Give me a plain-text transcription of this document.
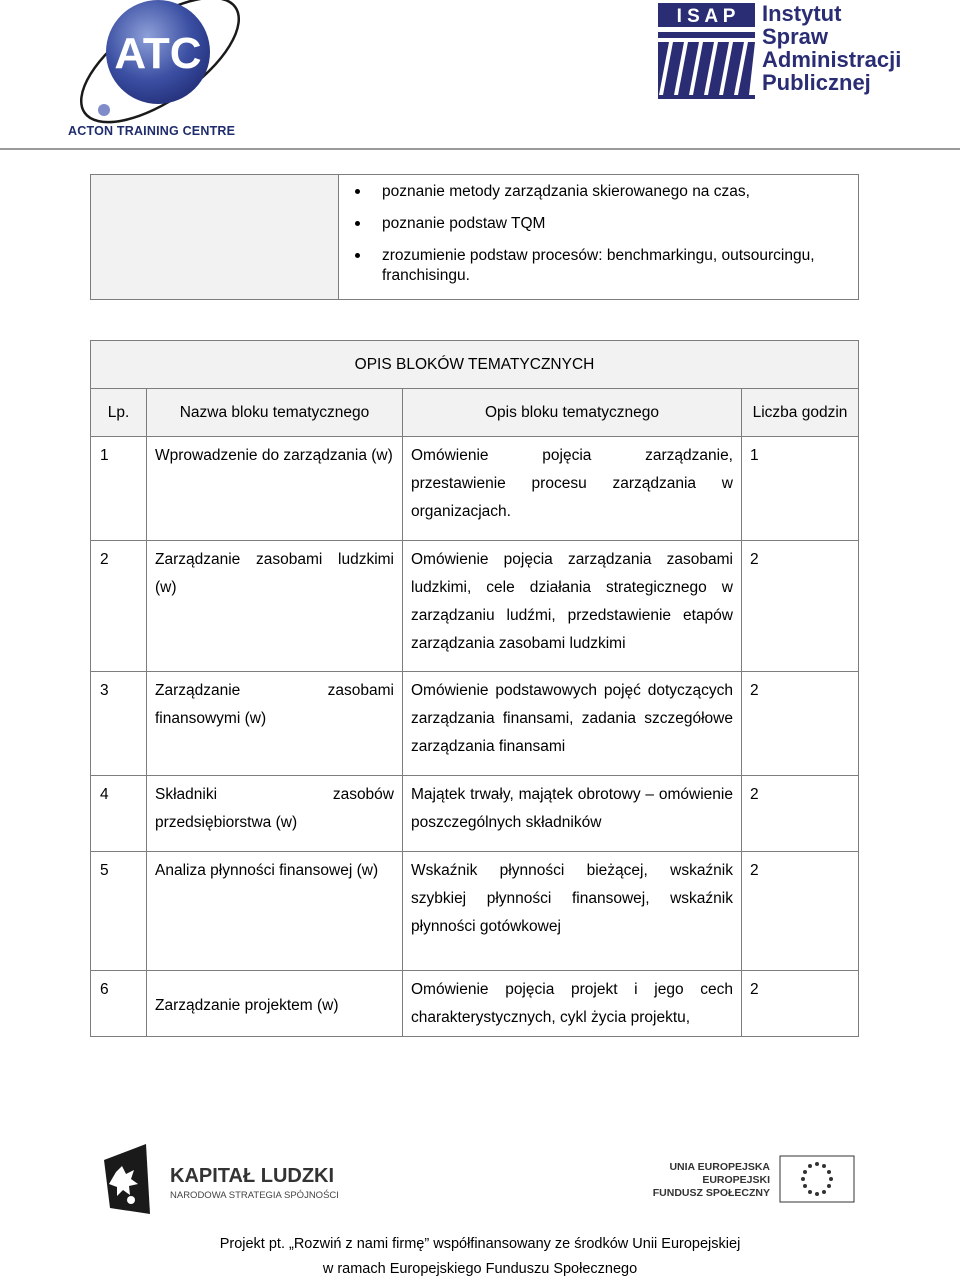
ATC
ACTON TRAINING CENTRE
I S A P Instytut
Spraw
Administracji
Publicznej

poznanie metody zarządzania skierowanego na czas,
poznanie podstaw TQM
zrozumienie podstaw procesów: benchmarkingu, outsourcingu, franchisingu.
OPIS BLOKÓW TEMATYCZNYCH			
Lp.	Nazwa bloku tematycznego	Opis bloku tematycznego	Liczba godzin

1	Wprowadzenie do zarządzania (w)	Omówienie pojęcia zarządzanie, przestawienie procesu zarządzania w organizacjach.	1

2	Zarządzanie zasobami ludzkimi (w)	Omówienie pojęcia zarządzania zasobami ludzkimi, cele działania strategicznego w zarządzaniu ludźmi, przedstawienie etapów zarządzania zasobami ludzkimi	2

3	Zarządzanie zasobami finansowymi (w)	Omówienie podstawowych pojęć dotyczących zarządzania finansami, zadania szczegółowe zarządzania finansami	2

4	Składniki zasobów przedsiębiorstwa (w)	Majątek trwały, majątek obrotowy – omówienie poszczególnych składników	2

5	Analiza płynności finansowej (w)	Wskaźnik płynności bieżącej, wskaźnik szybkiej płynności finansowej, wskaźnik płynności gotówkowej	2

6	Zarządzanie projektem (w)	Omówienie pojęcia projekt i jego cech charakterystycznych, cykl życia projektu,	2
KAPITAŁ LUDZKI
NARODOWA STRATEGIA SPÓJNOŚCI
UNIA EUROPEJSKA
EUROPEJSKI
FUNDUSZ SPOŁECZNY
Projekt pt. „Rozwiń z nami firmę” współfinansowany ze środków Unii Europejskiej
w ramach Europejskiego Funduszu Społecznego
